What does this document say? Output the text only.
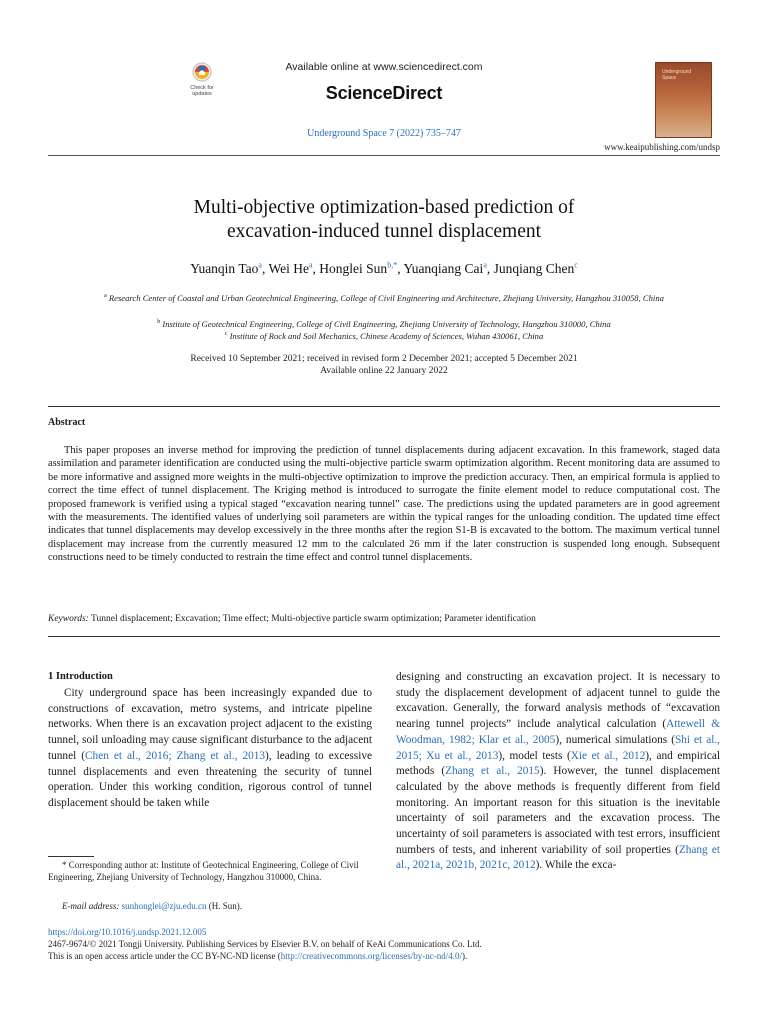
Check for
updates
Available online at www.sciencedirect.com
ScienceDirect
Underground Space 7 (2022) 735–747
Underground
Space
www.keaipublishing.com/undsp
Multi-objective optimization-based prediction of
excavation-induced tunnel displacement
Yuanqin Tao$^a$, Wei He$^a$, Honglei Sun$^{b,*}$, Yuanqiang Cai$^a$, Junqiang Chen$^c$
$^a$ Research Center of Coastal and Urban Geotechnical Engineering, College of Civil Engineering and Architecture, Zhejiang University, Hangzhou 310058, China
$^b$ Institute of Geotechnical Engineering, College of Civil Engineering, Zhejiang University of Technology, Hangzhou 310000, China
$^c$ Institute of Rock and Soil Mechanics, Chinese Academy of Sciences, Wuhan 430061, China
Received 10 September 2021; received in revised form 2 December 2021; accepted 5 December 2021
Available online 22 January 2022
Abstract
This paper proposes an inverse method for improving the prediction of tunnel displacements during adjacent excavation. In this framework, staged data assimilation and parameter identification are conducted using the multi-objective particle swarm optimization algorithm. Recent monitoring data are assumed to be more informative and assigned more weights in the multi-objective optimization to improve the prediction accuracy. Then, an empirical formula is applied to correct the time effect of tunnel displacement. The Kriging method is introduced to surrogate the finite element model to reduce computational cost. The proposed framework is verified using a typical staged “excavation nearing tunnel” case. The predictions using the updated parameters are in good agreement with the measurements. The identified values of underlying soil parameters are within the typical ranges for the unloading condition. The updated time effect indicates that tunnel displacements may develop excessively in the three months after the region S1-B is excavated to the bottom. The maximum vertical tunnel displacement may increase from the currently measured 12 mm to the calculated 26 mm if the later construction is suspended long enough. Subsequent constructions need to be timely conducted to restrain the time effect and control tunnel displacements.
Keywords: Tunnel displacement; Excavation; Time effect; Multi-objective particle swarm optimization; Parameter identification
1 Introduction

City underground space has been increasingly expanded due to constructions of excavation, metro systems, and intricate pipeline networks. When there is an excavation project adjacent to the existing tunnel, soil unloading may cause significant disturbance to the adjacent tunnel (Chen et al., 2016; Zhang et al., 2013), leading to excessive tunnel displacements and even threatening the security of tunnel operation. Under this working condition, rigorous control of tunnel displacement should be taken while

designing and constructing an excavation project. It is necessary to study the displacement development of adjacent tunnel to guide the excavation. Generally, the forward analysis methods of “excavation nearing tunnel projects” include analytical calculation (Attewell & Woodman, 1982; Klar et al., 2005), numerical simulations (Shi et al., 2015; Xu et al., 2013), model tests (Xie et al., 2012), and empirical methods (Zhang et al., 2015). However, the tunnel displacement calculated by the above methods is frequently different from field monitoring. An important reason for this situation is the inevitable uncertainty of soil parameters and the excavation process. The uncertainty of soil parameters is associated with test errors, insufficient numbers of tests, and inherent variability of soil properties (Zhang et al., 2021a, 2021b, 2021c, 2012). While the exca-

* Corresponding author at: Institute of Geotechnical Engineering, College of Civil Engineering, Zhejiang University of Technology, Hangzhou 310000, China.
E-mail address: sunhonglei@zju.edu.cn (H. Sun).
https://doi.org/10.1016/j.undsp.2021.12.005
2467-9674/© 2021 Tongji University. Publishing Services by Elsevier B.V. on behalf of KeAi Communications Co. Ltd.
This is an open access article under the CC BY-NC-ND license (http://creativecommons.org/licenses/by-nc-nd/4.0/).
